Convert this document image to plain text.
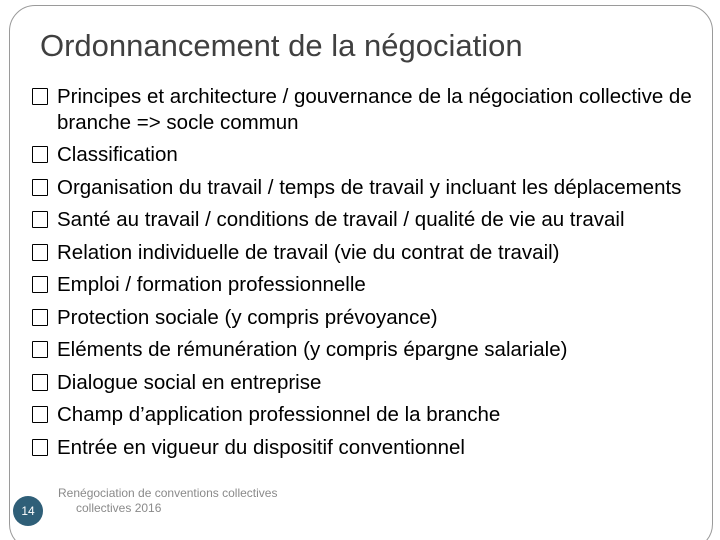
Ordonnancement de la négociation
Principes et architecture / gouvernance de la négociation collective de branche => socle commun
Classification
Organisation du travail / temps de travail y incluant les déplacements
Santé au travail / conditions de travail / qualité de vie au travail
Relation individuelle de travail (vie du contrat de travail)
Emploi / formation professionnelle
Protection sociale (y compris prévoyance)
Eléments de rémunération (y compris épargne salariale)
Dialogue social en entreprise
Champ d’application professionnel de la branche
Entrée en vigueur du dispositif conventionnel
Renégociation de conventions collectives
collectives 2016
14
